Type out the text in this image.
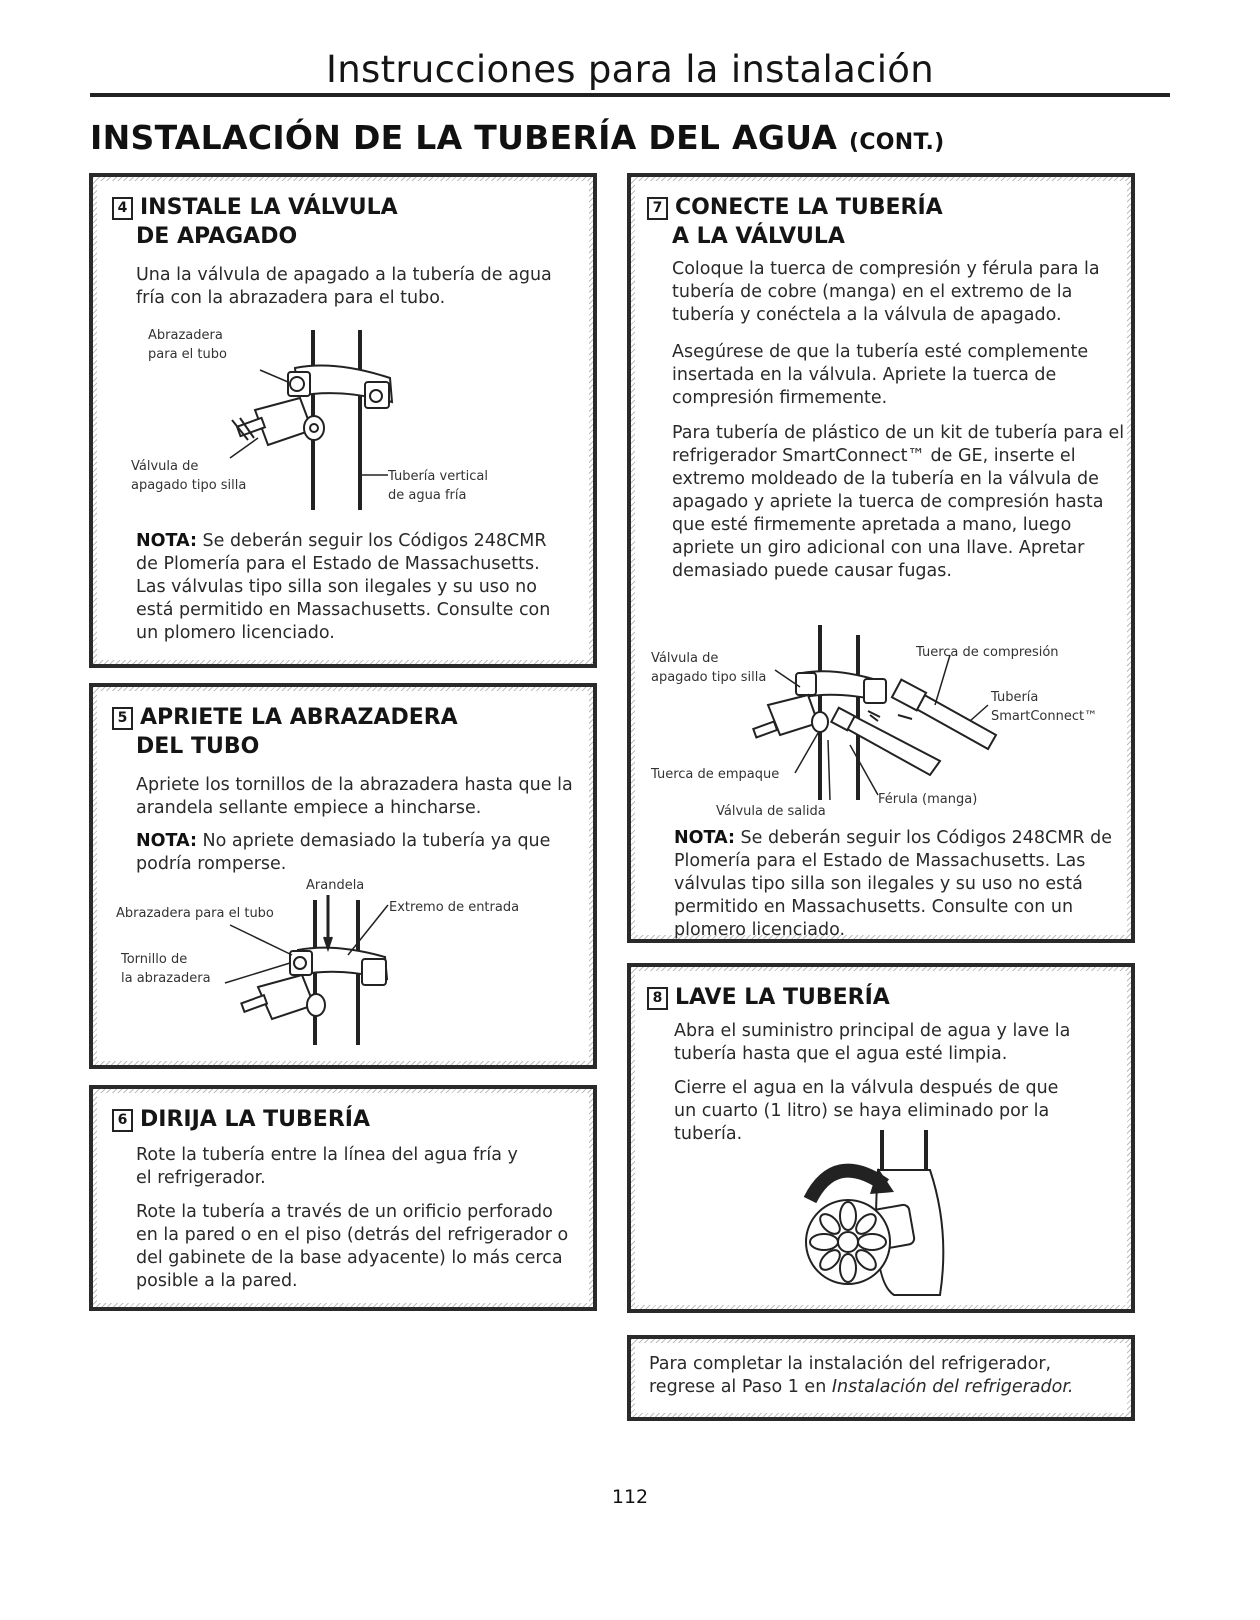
Instrucciones para la instalación
INSTALACIÓN DE LA TUBERÍA DEL AGUA (CONT.)
4 INSTALE LA VÁLVULA
DE APAGADO
Una la válvula de apagado a la tubería de agua fría con la abrazadera para el tubo.
Abrazadera
para el tubo
Válvula de
apagado tipo silla
Tubería vertical
de agua fría
NOTA: Se deberán seguir los Códigos 248CMR de Plomería para el Estado de Massachusetts. Las válvulas tipo silla son ilegales y su uso no está permitido en Massachusetts. Consulte con un plomero licenciado.
5 APRIETE LA ABRAZADERA
DEL TUBO
Apriete los tornillos de la abrazadera hasta que la arandela sellante empiece a hincharse.
NOTA: No apriete demasiado la tubería ya que podría romperse.
Arandela
Abrazadera para el tubo	Extremo de entrada
Tornillo de
la abrazadera
6 DIRIJA LA TUBERÍA
Rote la tubería entre la línea del agua fría y el refrigerador.
Rote la tubería a través de un orificio perforado en la pared o en el piso (detrás del refrigerador o del gabinete de la base adyacente) lo más cerca posible a la pared.
7 CONECTE LA TUBERÍA
A LA VÁLVULA
Coloque la tuerca de compresión y férula para la tubería de cobre (manga) en el extremo de la tubería y conéctela a la válvula de apagado.
Asegúrese de que la tubería esté complemente insertada en la válvula. Apriete la tuerca de compresión firmemente.
Para tubería de plástico de un kit de tubería para el refrigerador SmartConnect™ de GE, inserte el extremo moldeado de la tubería en la válvula de apagado y apriete la tuerca de compresión hasta que esté firmemente apretada a mano, luego apriete un giro adicional con una llave. Apretar demasiado puede causar fugas.
Válvula de
apagado tipo silla
Tuerca de compresión
Tubería
SmartConnect™
Tuerca de empaque
Férula (manga)
Válvula de salida
NOTA: Se deberán seguir los Códigos 248CMR de Plomería para el Estado de Massachusetts. Las válvulas tipo silla son ilegales y su uso no está permitido en Massachusetts. Consulte con un plomero licenciado.
8 LAVE LA TUBERÍA
Abra el suministro principal de agua y lave la tubería hasta que el agua esté limpia.
Cierre el agua en la válvula después de que un cuarto (1 litro) se haya eliminado por la tubería.
Para completar la instalación del refrigerador, regrese al Paso 1 en Instalación del refrigerador.
112
